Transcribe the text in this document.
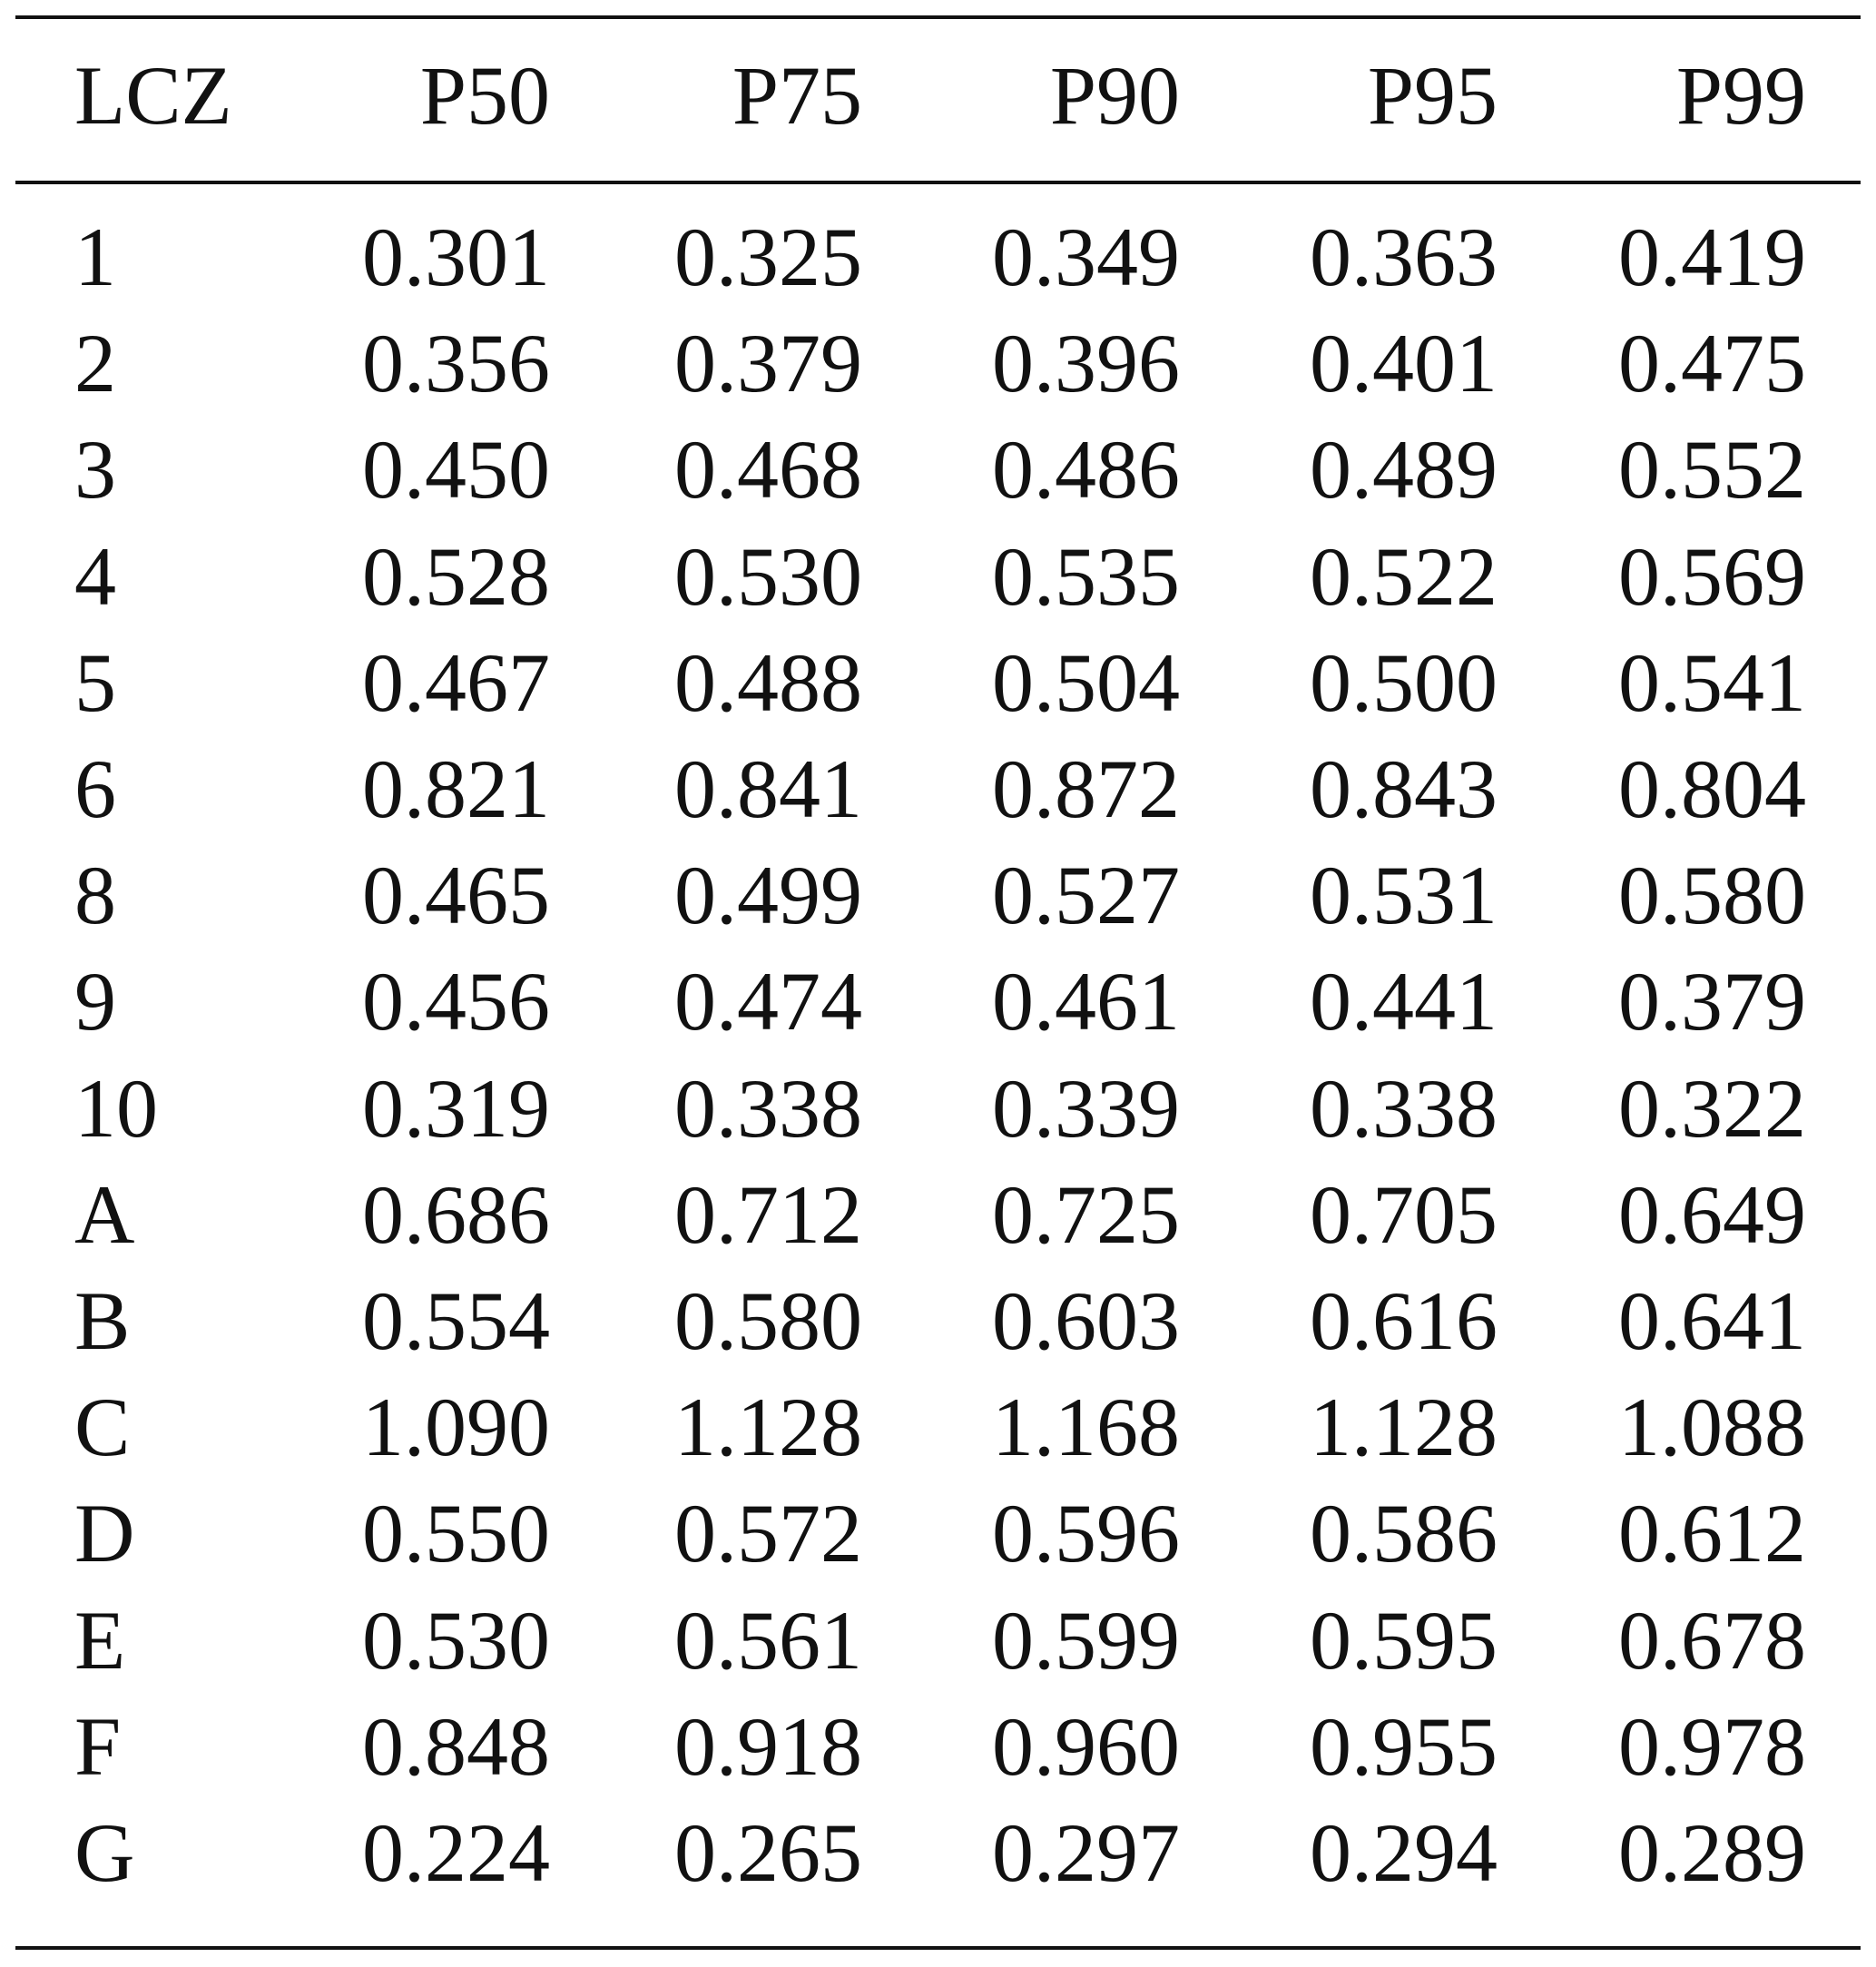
LCZ	P50	P75	P90	P95	P99
1	0.301	0.325	0.349	0.363	0.419
2	0.356	0.379	0.396	0.401	0.475
3	0.450	0.468	0.486	0.489	0.552
4	0.528	0.530	0.535	0.522	0.569
5	0.467	0.488	0.504	0.500	0.541
6	0.821	0.841	0.872	0.843	0.804
8	0.465	0.499	0.527	0.531	0.580
9	0.456	0.474	0.461	0.441	0.379
10	0.319	0.338	0.339	0.338	0.322
A	0.686	0.712	0.725	0.705	0.649
B	0.554	0.580	0.603	0.616	0.641
C	1.090	1.128	1.168	1.128	1.088
D	0.550	0.572	0.596	0.586	0.612
E	0.530	0.561	0.599	0.595	0.678
F	0.848	0.918	0.960	0.955	0.978
G	0.224	0.265	0.297	0.294	0.289
